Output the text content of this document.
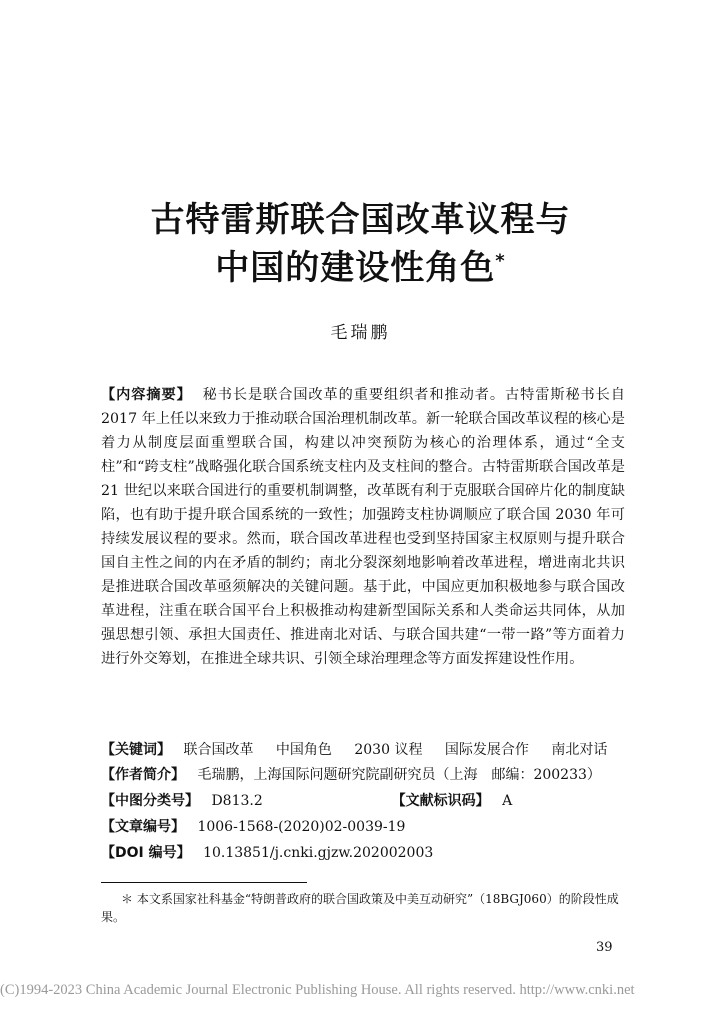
古特雷斯联合国改革议程与
中国的建设性角色*
毛瑞鹏
【内容摘要】 秘书长是联合国改革的重要组织者和推动者。古特雷斯秘书长自 2017 年上任以来致力于推动联合国治理机制改革。新一轮联合国改革议程的核心是着力从制度层面重塑联合国，构建以冲突预防为核心的治理体系，通过“全支柱”和“跨支柱”战略强化联合国系统支柱内及支柱间的整合。古特雷斯联合国改革是 21 世纪以来联合国进行的重要机制调整，改革既有利于克服联合国碎片化的制度缺陷，也有助于提升联合国系统的一致性；加强跨支柱协调顺应了联合国 2030 年可持续发展议程的要求。然而，联合国改革进程也受到坚持国家主权原则与提升联合国自主性之间的内在矛盾的制约；南北分裂深刻地影响着改革进程，增进南北共识是推进联合国改革亟须解决的关键问题。基于此，中国应更加积极地参与联合国改革进程，注重在联合国平台上积极推动构建新型国际关系和人类命运共同体，从加强思想引领、承担大国责任、推进南北对话、与联合国共建“一带一路”等方面着力进行外交筹划，在推进全球共识、引领全球治理理念等方面发挥建设性作用。
【关键词】 联合国改革 中国角色 2030 议程 国际发展合作 南北对话
【作者简介】 毛瑞鹏，上海国际问题研究院副研究员（上海　邮编：200233）
【中图分类号】 D813.2	【文献标识码】 A
【文章编号】 1006-1568-(2020)02-0039-19
【DOI 编号】 10.13851/j.cnki.gjzw.202002003
＊ 本文系国家社科基金“特朗普政府的联合国政策及中美互动研究”（18BGJ060）的阶段性成果。
39
(C)1994-2023 China Academic Journal Electronic Publishing House. All rights reserved. http://www.cnki.net
